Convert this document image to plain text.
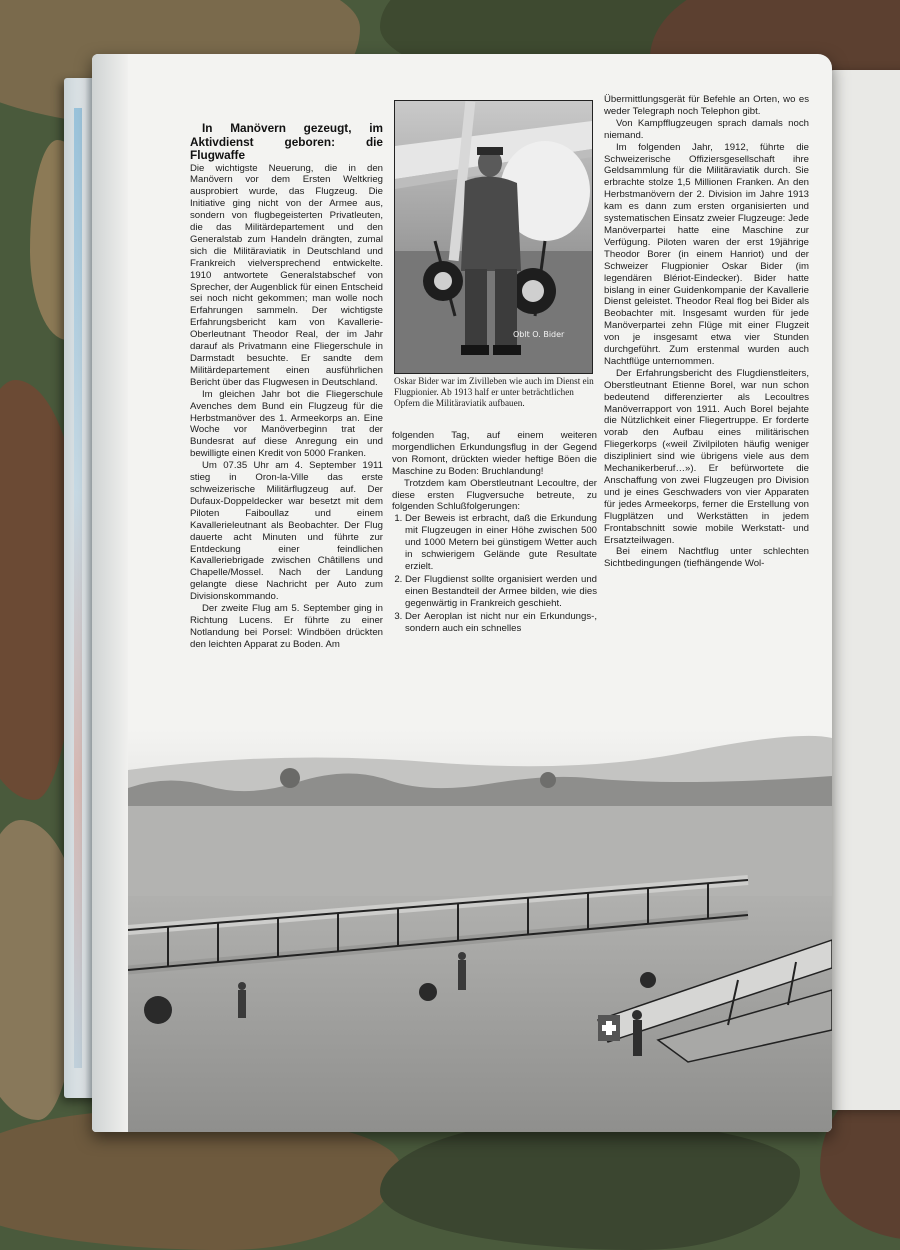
In Manövern gezeugt, im Aktivdienst geboren: die Flugwaffe

Die wichtigste Neuerung, die in den Manövern vor dem Ersten Weltkrieg ausprobiert wurde, das Flugzeug. Die Initiative ging nicht von der Armee aus, sondern von flugbegeisterten Privatleuten, die das Militärdepartement und den Generalstab zum Handeln drängten, zumal sich die Militäraviatik in Deutschland und Frankreich vielversprechend entwickelte. 1910 antwortete Generalstabschef von Sprecher, der Augenblick für einen Entscheid sei noch nicht gekommen; man wolle noch Erfahrungen sammeln. Der wichtigste Erfahrungsbericht kam von Kavallerie-Oberleutnant Theodor Real, der im Jahr darauf als Privatmann eine Fliegerschule in Darmstadt besuchte. Er sandte dem Militärdepartement einen ausführlichen Bericht über das Flugwesen in Deutschland.

Im gleichen Jahr bot die Fliegerschule Avenches dem Bund ein Flugzeug für die Herbstmanöver des 1. Armeekorps an. Eine Woche vor Manöverbeginn trat der Bundesrat auf diese Anregung ein und bewilligte einen Kredit von 5000 Franken.

Um 07.35 Uhr am 4. September 1911 stieg in Oron-la-Ville das erste schweizerische Militärflugzeug auf. Der Dufaux-Doppeldecker war besetzt mit dem Piloten Faiboullaz und einem Kavallerieleutnant als Beobachter. Der Flug dauerte acht Minuten und führte zur Entdeckung einer feindlichen Kavalleriebrigade zwischen Châtillens und Chapelle/Mossel. Nach der Landung gelangte diese Nachricht per Auto zum Divisionskommando.

Der zweite Flug am 5. September ging in Richtung Lucens. Er führte zu einer Notlandung bei Porsel: Windböen drückten den leichten Apparat zu Boden. Am

Oblt O. Bider
Oskar Bider war im Zivilleben wie auch im Dienst ein Flugpionier. Ab 1913 half er unter beträchtlichen Opfern die Militäraviatik aufbauen.

folgenden Tag, auf einem weiteren morgendlichen Erkundungsflug in der Gegend von Romont, drückten wieder heftige Böen die Maschine zu Boden: Bruchlandung!

Trotzdem kam Oberstleutnant Lecoultre, der diese ersten Flugversuche betreute, zu folgenden Schlußfolgerungen:

1. Der Beweis ist erbracht, daß die Erkundung mit Flugzeugen in einer Höhe zwischen 500 und 1000 Metern bei günstigem Wetter auch in schwierigem Gelände gute Resultate erzielt.
2. Der Flugdienst sollte organisiert werden und einen Bestandteil der Armee bilden, wie dies gegenwärtig in Frankreich geschieht.
3. Der Aeroplan ist nicht nur ein Erkundungs-, sondern auch ein schnelles

Übermittlungsgerät für Befehle an Orten, wo es weder Telegraph noch Telephon gibt.

Von Kampfflugzeugen sprach damals noch niemand.

Im folgenden Jahr, 1912, führte die Schweizerische Offiziersgesellschaft ihre Geldsammlung für die Militäraviatik durch. Sie erbrachte stolze 1,5 Millionen Franken. An den Herbstmanövern der 2. Division im Jahre 1913 kam es dann zum ersten organisierten und systematischen Einsatz zweier Flugzeuge: Jede Manöverpartei hatte eine Maschine zur Verfügung. Piloten waren der erst 19jährige Theodor Borer (in einem Hanriot) und der Schweizer Flugpionier Oskar Bider (im legendären Blériot-Eindecker). Bider hatte bislang in einer Guidenkompanie der Kavallerie Dienst geleistet. Theodor Real flog bei Bider als Beobachter mit. Insgesamt wurden für jede Manöverpartei zehn Flüge mit einer Flugzeit von je insgesamt etwa vier Stunden durchgeführt. Zum erstenmal wurden auch Nachtflüge unternommen.

Der Erfahrungsbericht des Flugdienstleiters, Oberstleutnant Etienne Borel, war nun schon bedeutend differenzierter als Lecoultres Manöverrapport von 1911. Auch Borel bejahte die Nützlichkeit einer Fliegertruppe. Er forderte vorab den Aufbau eines militärischen Fliegerkorps («weil Zivilpiloten häufig weniger diszipliniert sind wie übrigens viele aus dem Mechanikerberuf…»). Er befürwortete die Anschaffung von zwei Flugzeugen pro Division und je eines Geschwaders von vier Apparaten für jedes Armeekorps, ferner die Erstellung von Flugplätzen und Werkstätten in jedem Frontabschnitt sowie mobile Werkstatt- und Ersatzteilwagen.

Bei einem Nachtflug unter schlechten Sichtbedingungen (tiefhängende Wol-
